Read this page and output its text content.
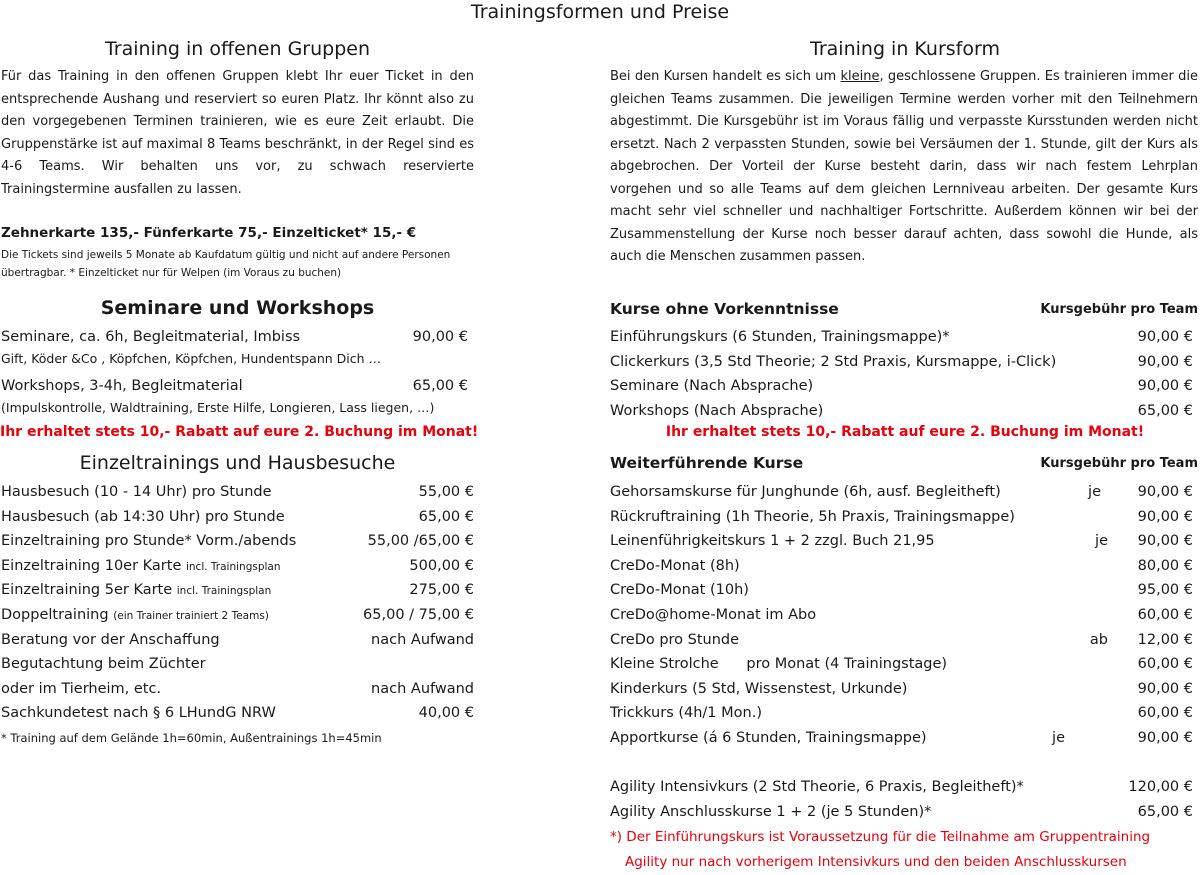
Trainingsformen und Preise
Training in offenen Gruppen
Für das Training in den offenen Gruppen klebt Ihr euer Ticket in den entsprechende Aushang und reserviert so euren Platz. Ihr könnt also zu den vorgegebenen Terminen trainieren, wie es eure Zeit erlaubt. Die Gruppenstärke ist auf maximal 8 Teams beschränkt, in der Regel sind es 4-6 Teams. Wir behalten uns vor, zu schwach reservierte Trainingstermine ausfallen zu lassen.
Zehnerkarte 135,- Fünferkarte 75,- Einzelticket* 15,- €
Die Tickets sind jeweils 5 Monate ab Kaufdatum gültig und nicht auf andere Personen
übertragbar. * Einzelticket nur für Welpen (im Voraus zu buchen)
Seminare und Workshops
Seminare, ca. 6h, Begleitmaterial, Imbiss	90,00 €
Gift, Köder &Co , Köpfchen, Köpfchen, Hundentspann Dich …
Workshops, 3-4h, Begleitmaterial	65,00 €
(Impulskontrolle, Waldtraining, Erste Hilfe, Longieren, Lass liegen, …)
Ihr erhaltet stets 10,- Rabatt auf eure 2. Buchung im Monat!
Einzeltrainings und Hausbesuche
Hausbesuch (10 - 14 Uhr) pro Stunde	55,00 €
Hausbesuch (ab 14:30 Uhr) pro Stunde	65,00 €
Einzeltraining pro Stunde* Vorm./abends	55,00 /65,00 €
Einzeltraining 10er Karte incl. Trainingsplan	500,00 €
Einzeltraining 5er Karte incl. Trainingsplan	275,00 €
Doppeltraining (ein Trainer trainiert 2 Teams)	65,00 / 75,00 €
Beratung vor der Anschaffung	nach Aufwand
Begutachtung beim Züchter
oder im Tierheim, etc.	nach Aufwand
Sachkundetest nach § 6 LHundG NRW	40,00 €
* Training auf dem Gelände 1h=60min, Außentrainings 1h=45min
Training in Kursform
Bei den Kursen handelt es sich um kleine, geschlossene Gruppen. Es trainieren immer die gleichen Teams zusammen. Die jeweiligen Termine werden vorher mit den Teilnehmern abgestimmt. Die Kursgebühr ist im Voraus fällig und verpasste Kursstunden werden nicht ersetzt. Nach 2 verpassten Stunden, sowie bei Versäumen der 1. Stunde, gilt der Kurs als abgebrochen. Der Vorteil der Kurse besteht darin, dass wir nach festem Lehrplan vorgehen und so alle Teams auf dem gleichen Lernniveau arbeiten. Der gesamte Kurs macht sehr viel schneller und nachhaltiger Fortschritte. Außerdem können wir bei der Zusammenstellung der Kurse noch besser darauf achten, dass sowohl die Hunde, als auch die Menschen zusammen passen.
Kurse ohne Vorkenntnisse	Kursgebühr pro Team
Einführungskurs (6 Stunden, Trainingsmappe)*	90,00 €
Clickerkurs (3,5 Std Theorie; 2 Std Praxis, Kursmappe, i-Click)	90,00 €
Seminare (Nach Absprache)	90,00 €
Workshops (Nach Absprache)	65,00 €
Ihr erhaltet stets 10,- Rabatt auf eure 2. Buchung im Monat!
Weiterführende Kurse	Kursgebühr pro Team
Gehorsamskurse für Junghunde (6h, ausf. Begleitheft)	je	90,00 €
Rückruftraining (1h Theorie, 5h Praxis, Trainingsmappe)	90,00 €
Leinenführigkeitskurs 1 + 2 zzgl. Buch 21,95	je 90,00 €
CreDo-Monat (8h)	80,00 €
CreDo-Monat (10h)	95,00 €
CreDo@home-Monat im Abo	60,00 €
CreDo pro Stunde	ab 12,00 €
Kleine Strolche      pro Monat (4 Trainingstage)	60,00 €
Kinderkurs (5 Std, Wissenstest, Urkunde)	90,00 €
Trickkurs (4h/1 Mon.)	60,00 €
Apportkurse (á 6 Stunden, Trainingsmappe)	je	90,00 €
Agility Intensivkurs (2 Std Theorie, 6 Praxis, Begleitheft)*	120,00 €
Agility Anschlusskurse 1 + 2 (je 5 Stunden)*	65,00 €
*) Der Einführungskurs ist Voraussetzung für die Teilnahme am Gruppentraining
Agility nur nach vorherigem Intensivkurs und den beiden Anschlusskursen
